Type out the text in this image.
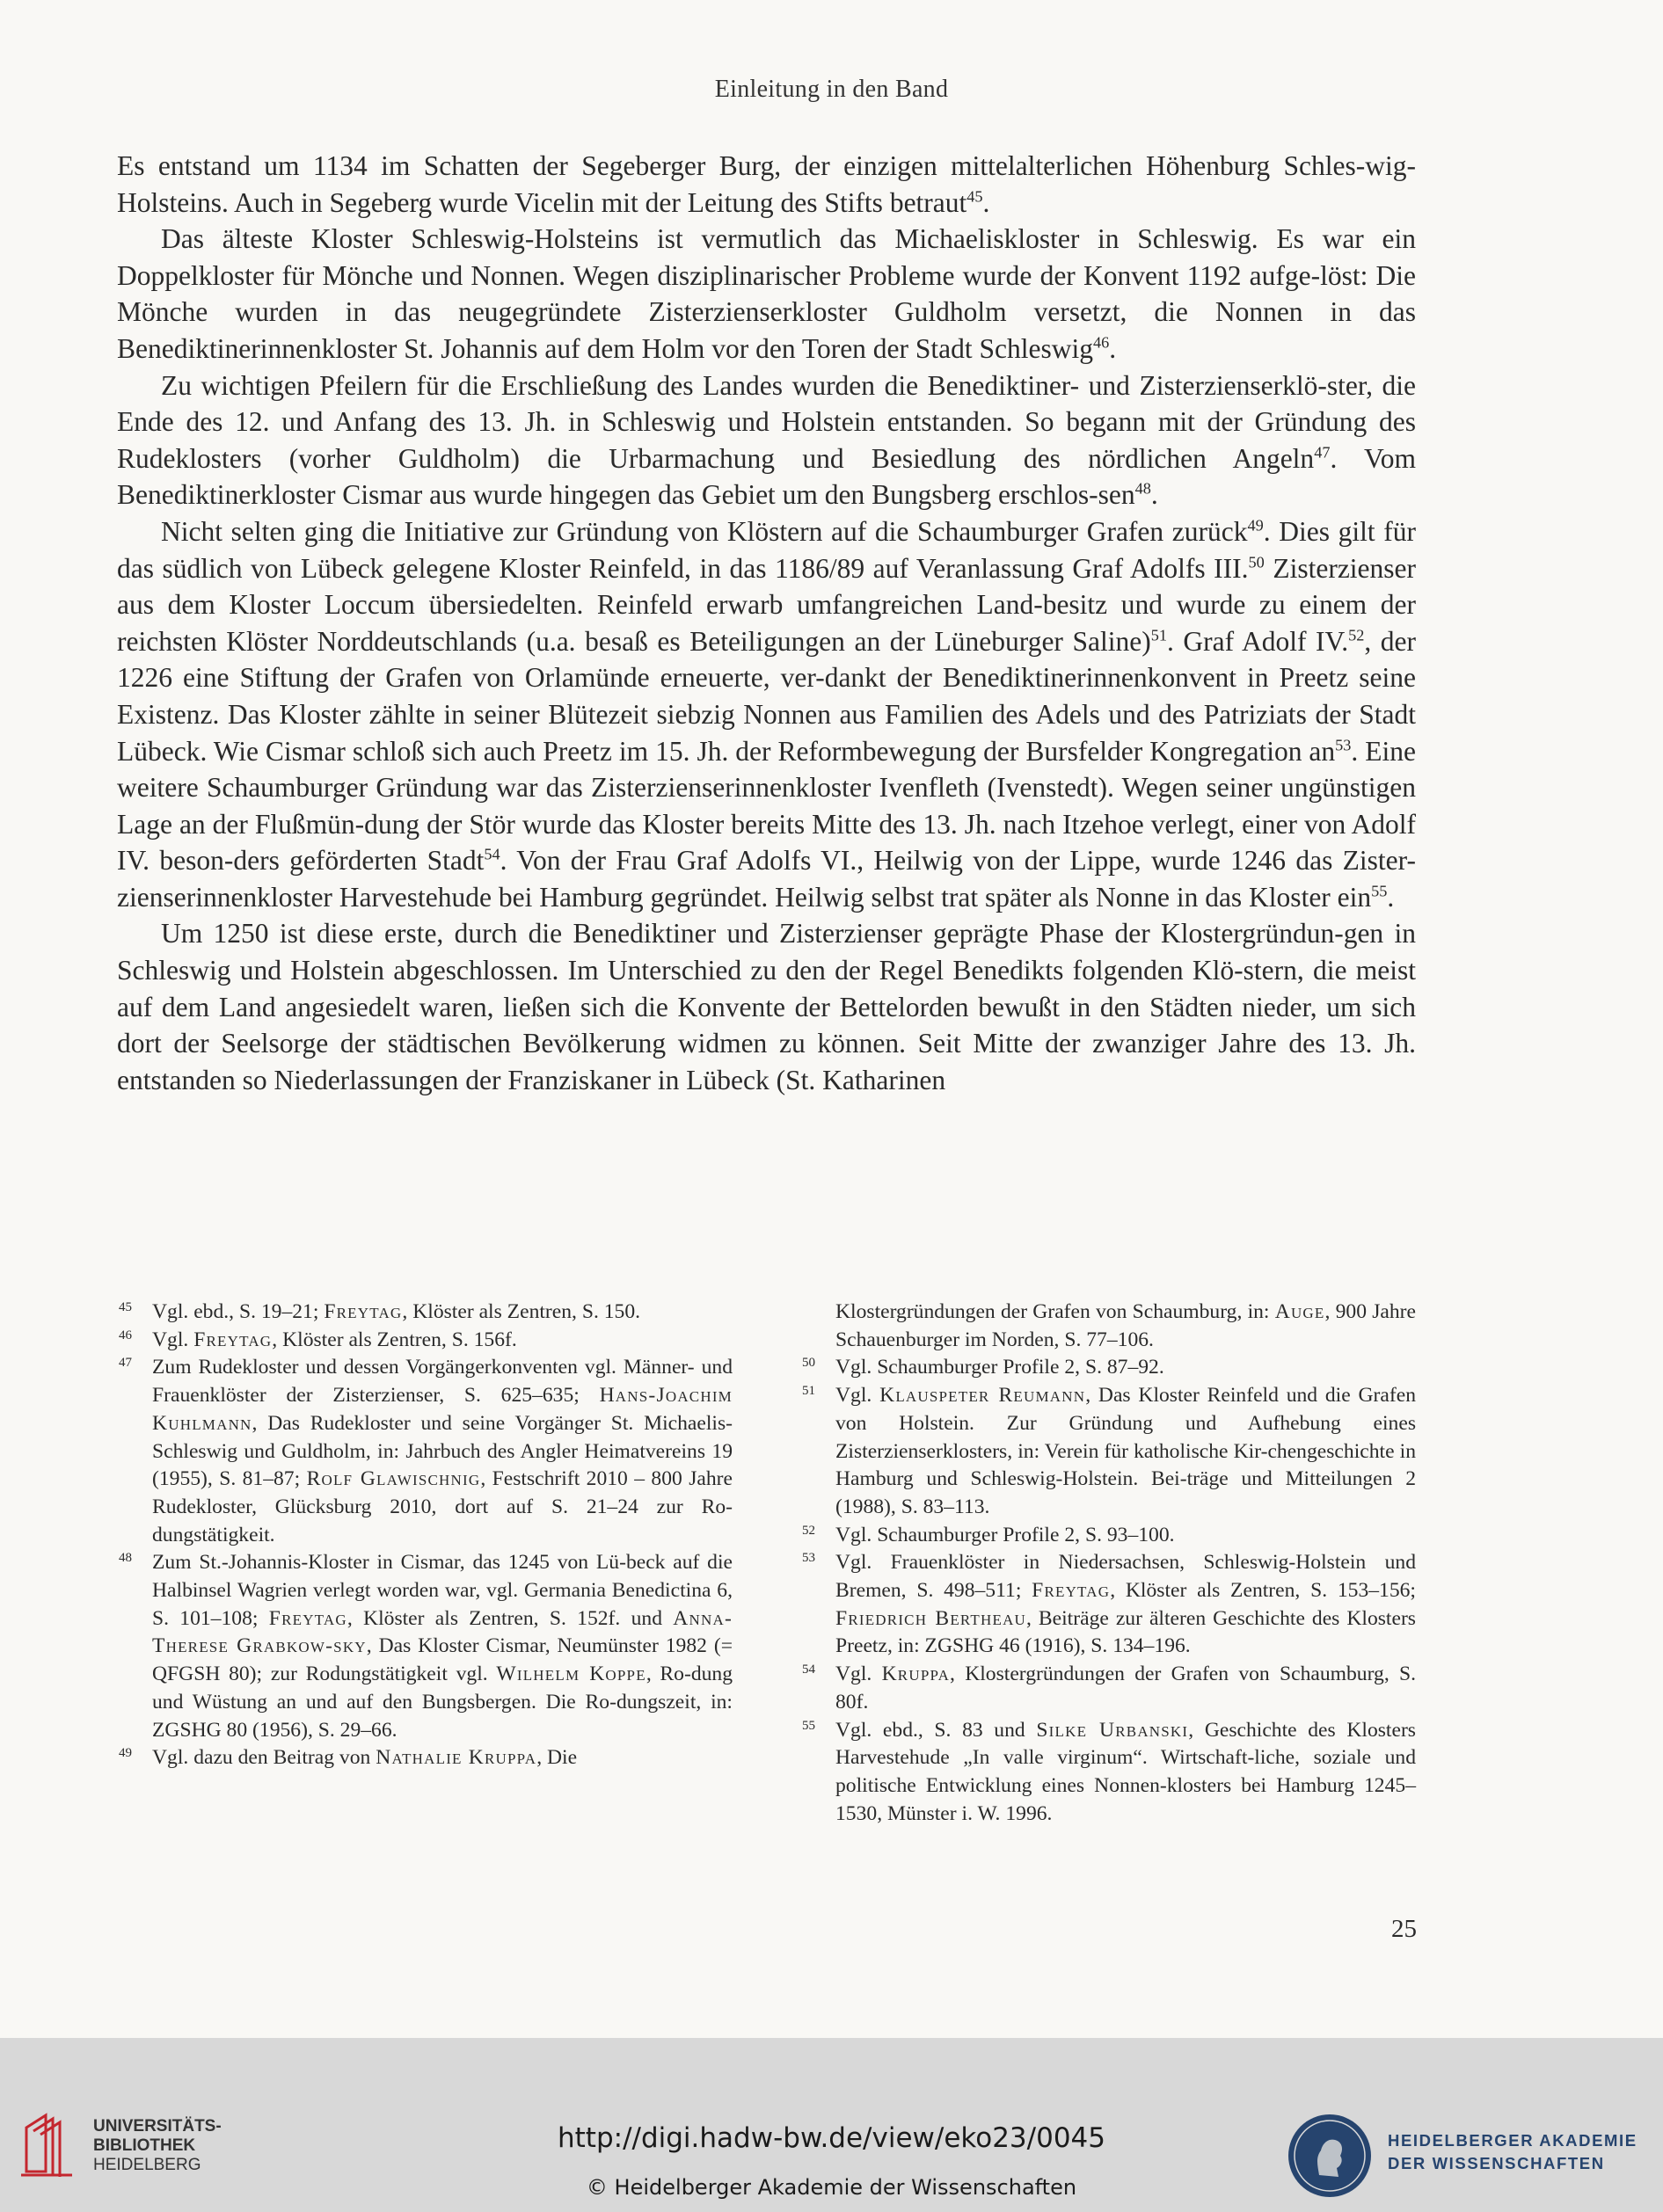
Einleitung in den Band

Es entstand um 1134 im Schatten der Segeberger Burg, der einzigen mittelalterlichen Höhenburg Schles-wig-Holsteins. Auch in Segeberg wurde Vicelin mit der Leitung des Stifts betraut$^{45}$.

Das älteste Kloster Schleswig-Holsteins ist vermutlich das Michaeliskloster in Schleswig. Es war ein Doppelkloster für Mönche und Nonnen. Wegen disziplinarischer Probleme wurde der Konvent 1192 aufge-löst: Die Mönche wurden in das neugegründete Zisterzienserkloster Guldholm versetzt, die Nonnen in das Benediktinerinnenkloster St. Johannis auf dem Holm vor den Toren der Stadt Schleswig$^{46}$.

Zu wichtigen Pfeilern für die Erschließung des Landes wurden die Benediktiner- und Zisterzienserklö-ster, die Ende des 12. und Anfang des 13. Jh. in Schleswig und Holstein entstanden. So begann mit der Gründung des Rudeklosters (vorher Guldholm) die Urbarmachung und Besiedlung des nördlichen Angeln$^{47}$. Vom Benediktinerkloster Cismar aus wurde hingegen das Gebiet um den Bungsberg erschlos-sen$^{48}$.

Nicht selten ging die Initiative zur Gründung von Klöstern auf die Schaumburger Grafen zurück$^{49}$. Dies gilt für das südlich von Lübeck gelegene Kloster Reinfeld, in das 1186/89 auf Veranlassung Graf Adolfs III.$^{50}$ Zisterzienser aus dem Kloster Loccum übersiedelten. Reinfeld erwarb umfangreichen Land-besitz und wurde zu einem der reichsten Klöster Norddeutschlands (u.a. besaß es Beteiligungen an der Lüneburger Saline)$^{51}$. Graf Adolf IV.$^{52}$, der 1226 eine Stiftung der Grafen von Orlamünde erneuerte, ver-dankt der Benediktinerinnenkonvent in Preetz seine Existenz. Das Kloster zählte in seiner Blütezeit siebzig Nonnen aus Familien des Adels und des Patriziats der Stadt Lübeck. Wie Cismar schloß sich auch Preetz im 15. Jh. der Reformbewegung der Bursfelder Kongregation $an^{53}$. Eine weitere Schaumburger Gründung war das Zisterzienserinnenkloster Ivenfleth (Ivenstedt). Wegen seiner ungünstigen Lage an der Flußmün-dung der Stör wurde das Kloster bereits Mitte des 13. Jh. nach Itzehoe verlegt, einer von Adolf IV. beson-ders geförderten Stadt$^{54}$. Von der Frau Graf Adolfs VI., Heilwig von der Lippe, wurde 1246 das Zister-zienserinnenkloster Harvestehude bei Hamburg gegründet. Heilwig selbst trat später als Nonne in das Kloster ein$^{55}$.

Um 1250 ist diese erste, durch die Benediktiner und Zisterzienser geprägte Phase der Klostergründun-gen in Schleswig und Holstein abgeschlossen. Im Unterschied zu den der Regel Benedikts folgenden Klö-stern, die meist auf dem Land angesiedelt waren, ließen sich die Konvente der Bettelorden bewußt in den Städten nieder, um sich dort der Seelsorge der städtischen Bevölkerung widmen zu können. Seit Mitte der zwanziger Jahre des 13. Jh. entstanden so Niederlassungen der Franziskaner in Lübeck (St. Katharinen

45 Vgl. ebd., S. 19–21; Freytag, Klöster als Zentren, S. 150.

46 Vgl. Freytag, Klöster als Zentren, S. 156f.

47 Zum Rudekloster und dessen Vorgängerkonventen vgl. Männer- und Frauenklöster der Zisterzienser, S. 625–635; Hans-Joachim Kuhlmann, Das Rudekloster und seine Vorgänger St. Michaelis-Schleswig und Guldholm, in: Jahrbuch des Angler Heimatvereins 19 (1955), S. 81–87; Rolf Glawischnig, Festschrift 2010 – 800 Jahre Rudekloster, Glücksburg 2010, dort auf S. 21–24 zur Ro-dungstätigkeit.

48 Zum St.-Johannis-Kloster in Cismar, das 1245 von Lü-beck auf die Halbinsel Wagrien verlegt worden war, vgl. Germania Benedictina 6, S. 101–108; Freytag, Klöster als Zentren, S. 152f. und Anna-Therese Grabkow-sky, Das Kloster Cismar, Neumünster 1982 (= QFGSH 80); zur Rodungstätigkeit vgl. Wilhelm Koppe, Ro-dung und Wüstung an und auf den Bungsbergen. Die Ro-dungszeit, in: ZGSHG 80 (1956), S. 29–66.

49 Vgl. dazu den Beitrag von Nathalie Kruppa, Die

Klostergründungen der Grafen von Schaumburg, in: Auge, 900 Jahre Schauenburger im Norden, S. 77–106.

50 Vgl. Schaumburger Profile 2, S. 87–92.

51 Vgl. Klauspeter Reumann, Das Kloster Reinfeld und die Grafen von Holstein. Zur Gründung und Aufhebung eines Zisterzienserklosters, in: Verein für katholische Kir-chengeschichte in Hamburg und Schleswig-Holstein. Bei-träge und Mitteilungen 2 (1988), S. 83–113.

52 Vgl. Schaumburger Profile 2, S. 93–100.

53 Vgl. Frauenklöster in Niedersachsen, Schleswig-Holstein und Bremen, S. 498–511; Freytag, Klöster als Zentren, S. 153–156; Friedrich Bertheau, Beiträge zur älteren Geschichte des Klosters Preetz, in: ZGSHG 46 (1916), S. 134–196.

54 Vgl. Kruppa, Klostergründungen der Grafen von Schaumburg, S. 80f.

55 Vgl. ebd., S. 83 und Silke Urbanski, Geschichte des Klosters Harvestehude „In valle virginum“. Wirtschaft-liche, soziale und politische Entwicklung eines Nonnen-klosters bei Hamburg 1245–1530, Münster i. W. 1996.

25
UNIVERSITÄTS-
BIBLIOTHEK
HEIDELBERG
http://digi.hadw-bw.de/view/eko23/0045
© Heidelberger Akademie der Wissenschaften
HEIDELBERGER AKADEMIE
DER WISSENSCHAFTEN
